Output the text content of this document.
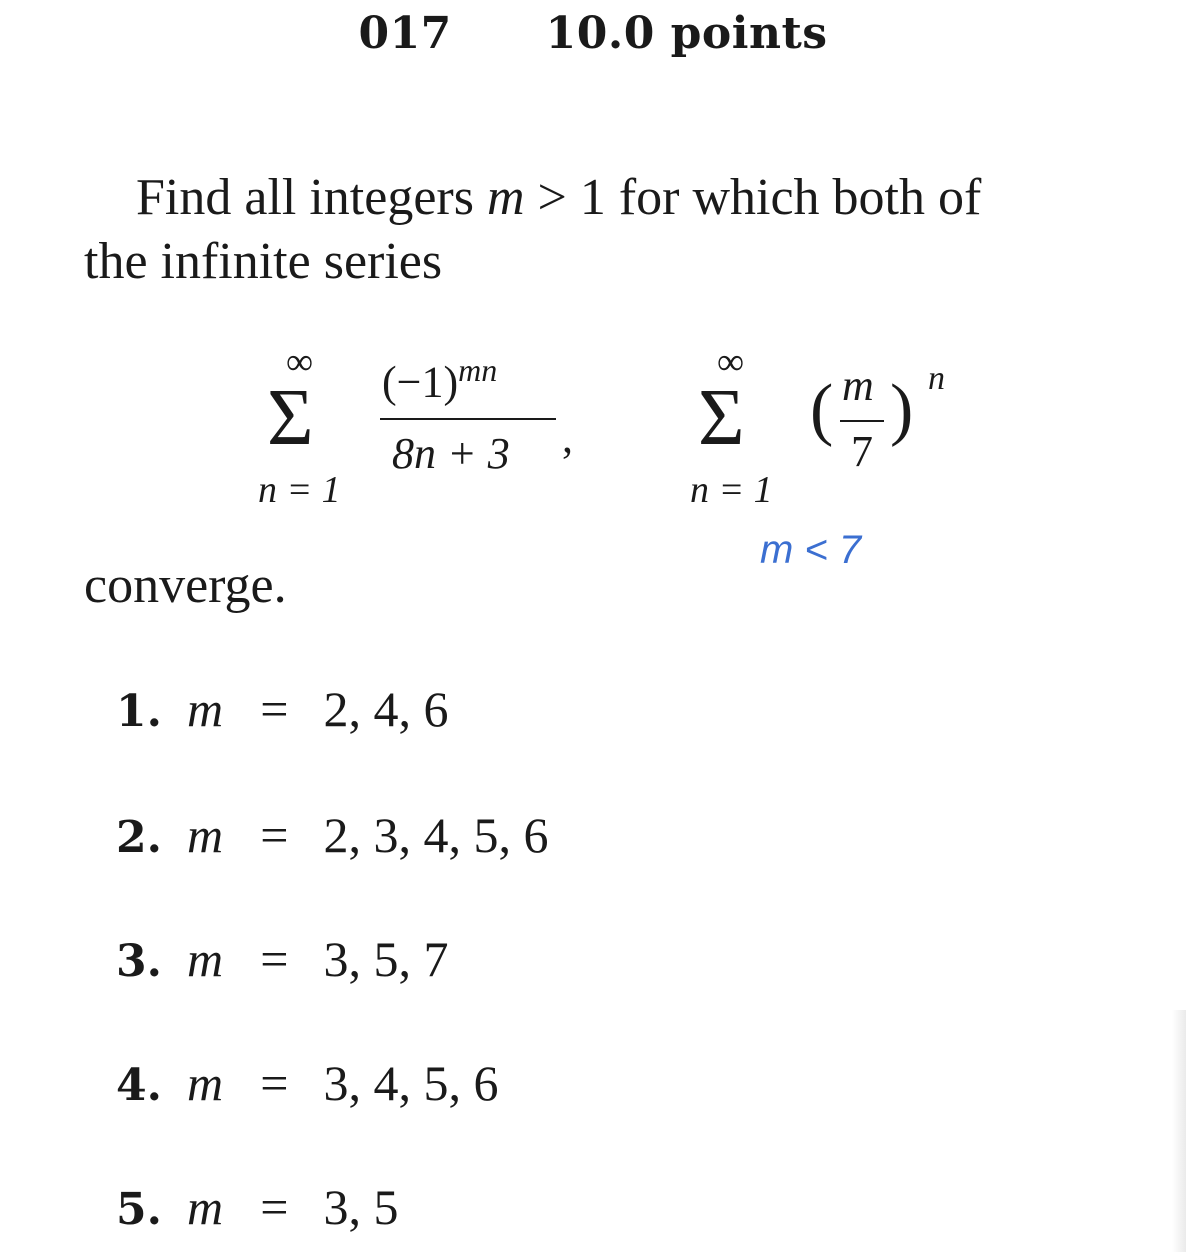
017 10.0 points
Find all integers m > 1 for which both of
the infinite series
∞
Σ
n = 1
$(-1)^{mn}$
8n + 3 ,
∞
Σ
n = 1
( m
7
) n
m < 7
converge.
1. m = 2, 4, 6
2. m = 2, 3, 4, 5, 6
3. m = 3, 5, 7
4. m = 3, 4, 5, 6
5. m = 3, 5
